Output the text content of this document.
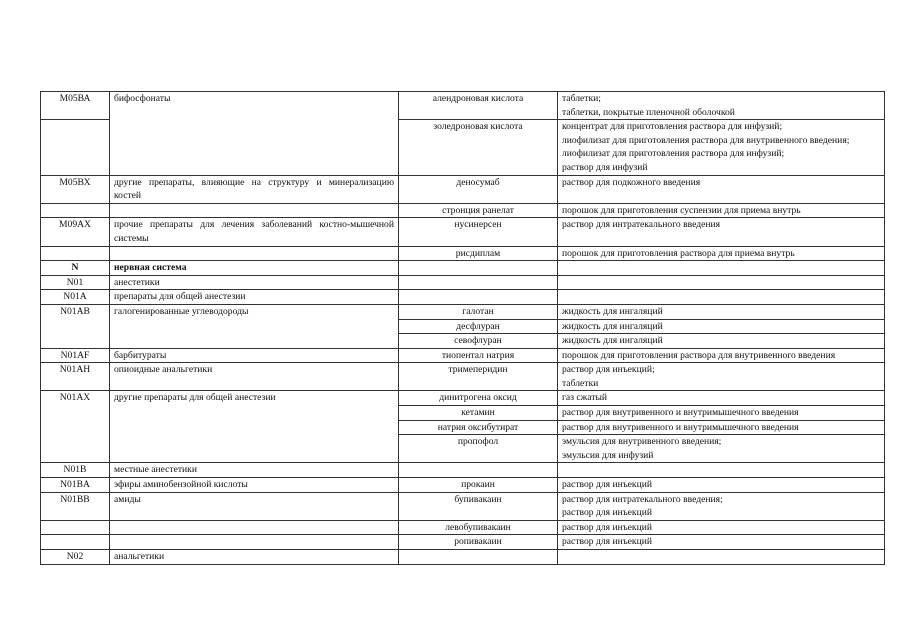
М05ВА	бифосфонаты	алендроновая кислота	таблетки;
таблетки, покрытые пленочной оболочкой
		золедроновая кислота	концентрат для приготовления раствора для инфузий;
лиофилизат для приготовления раствора для внутривенного введения;
лиофилизат для приготовления раствора для инфузий;
раствор для инфузий
М05ВХ	другие препараты, влияющие на структуру и минерализацию костей	деносумаб	раствор для подкожного введения
		стронция ранелат	порошок для приготовления суспензии для приема внутрь
М09АХ	прочие препараты для лечения заболеваний костно-мышечной системы	нусинерсен	раствор для интратекального введения
		рисдиплам	порошок для приготовления раствора для приема внутрь
N	нервная система		
N01	анестетики		
N01A	препараты для общей анестезии		
N01AB	галогенированные углеводороды	галотан	жидкость для ингаляций
		десфлуран	жидкость для ингаляций
		севофлуран	жидкость для ингаляций
N01AF	барбитураты	тиопентал натрия	порошок для приготовления раствора для внутривенного введения
N01AH	опиоидные анальгетики	тримеперидин	раствор для инъекций;
таблетки
N01AX	другие препараты для общей анестезии	динитрогена оксид	газ сжатый
		кетамин	раствор для внутривенного и внутримышечного введения
		натрия оксибутират	раствор для внутривенного и внутримышечного введения
		пропофол	эмульсия для внутривенного введения;
эмульсия для инфузий
N01B	местные анестетики		
N01BA	эфиры аминобензойной кислоты	прокаин	раствор для инъекций
N01BB	амиды	бупивакаин	раствор для интратекального введения;
раствор для инъекций
		левобупивакаин	раствор для инъекций
		ропивакаин	раствор для инъекций
N02	анальгетики		
